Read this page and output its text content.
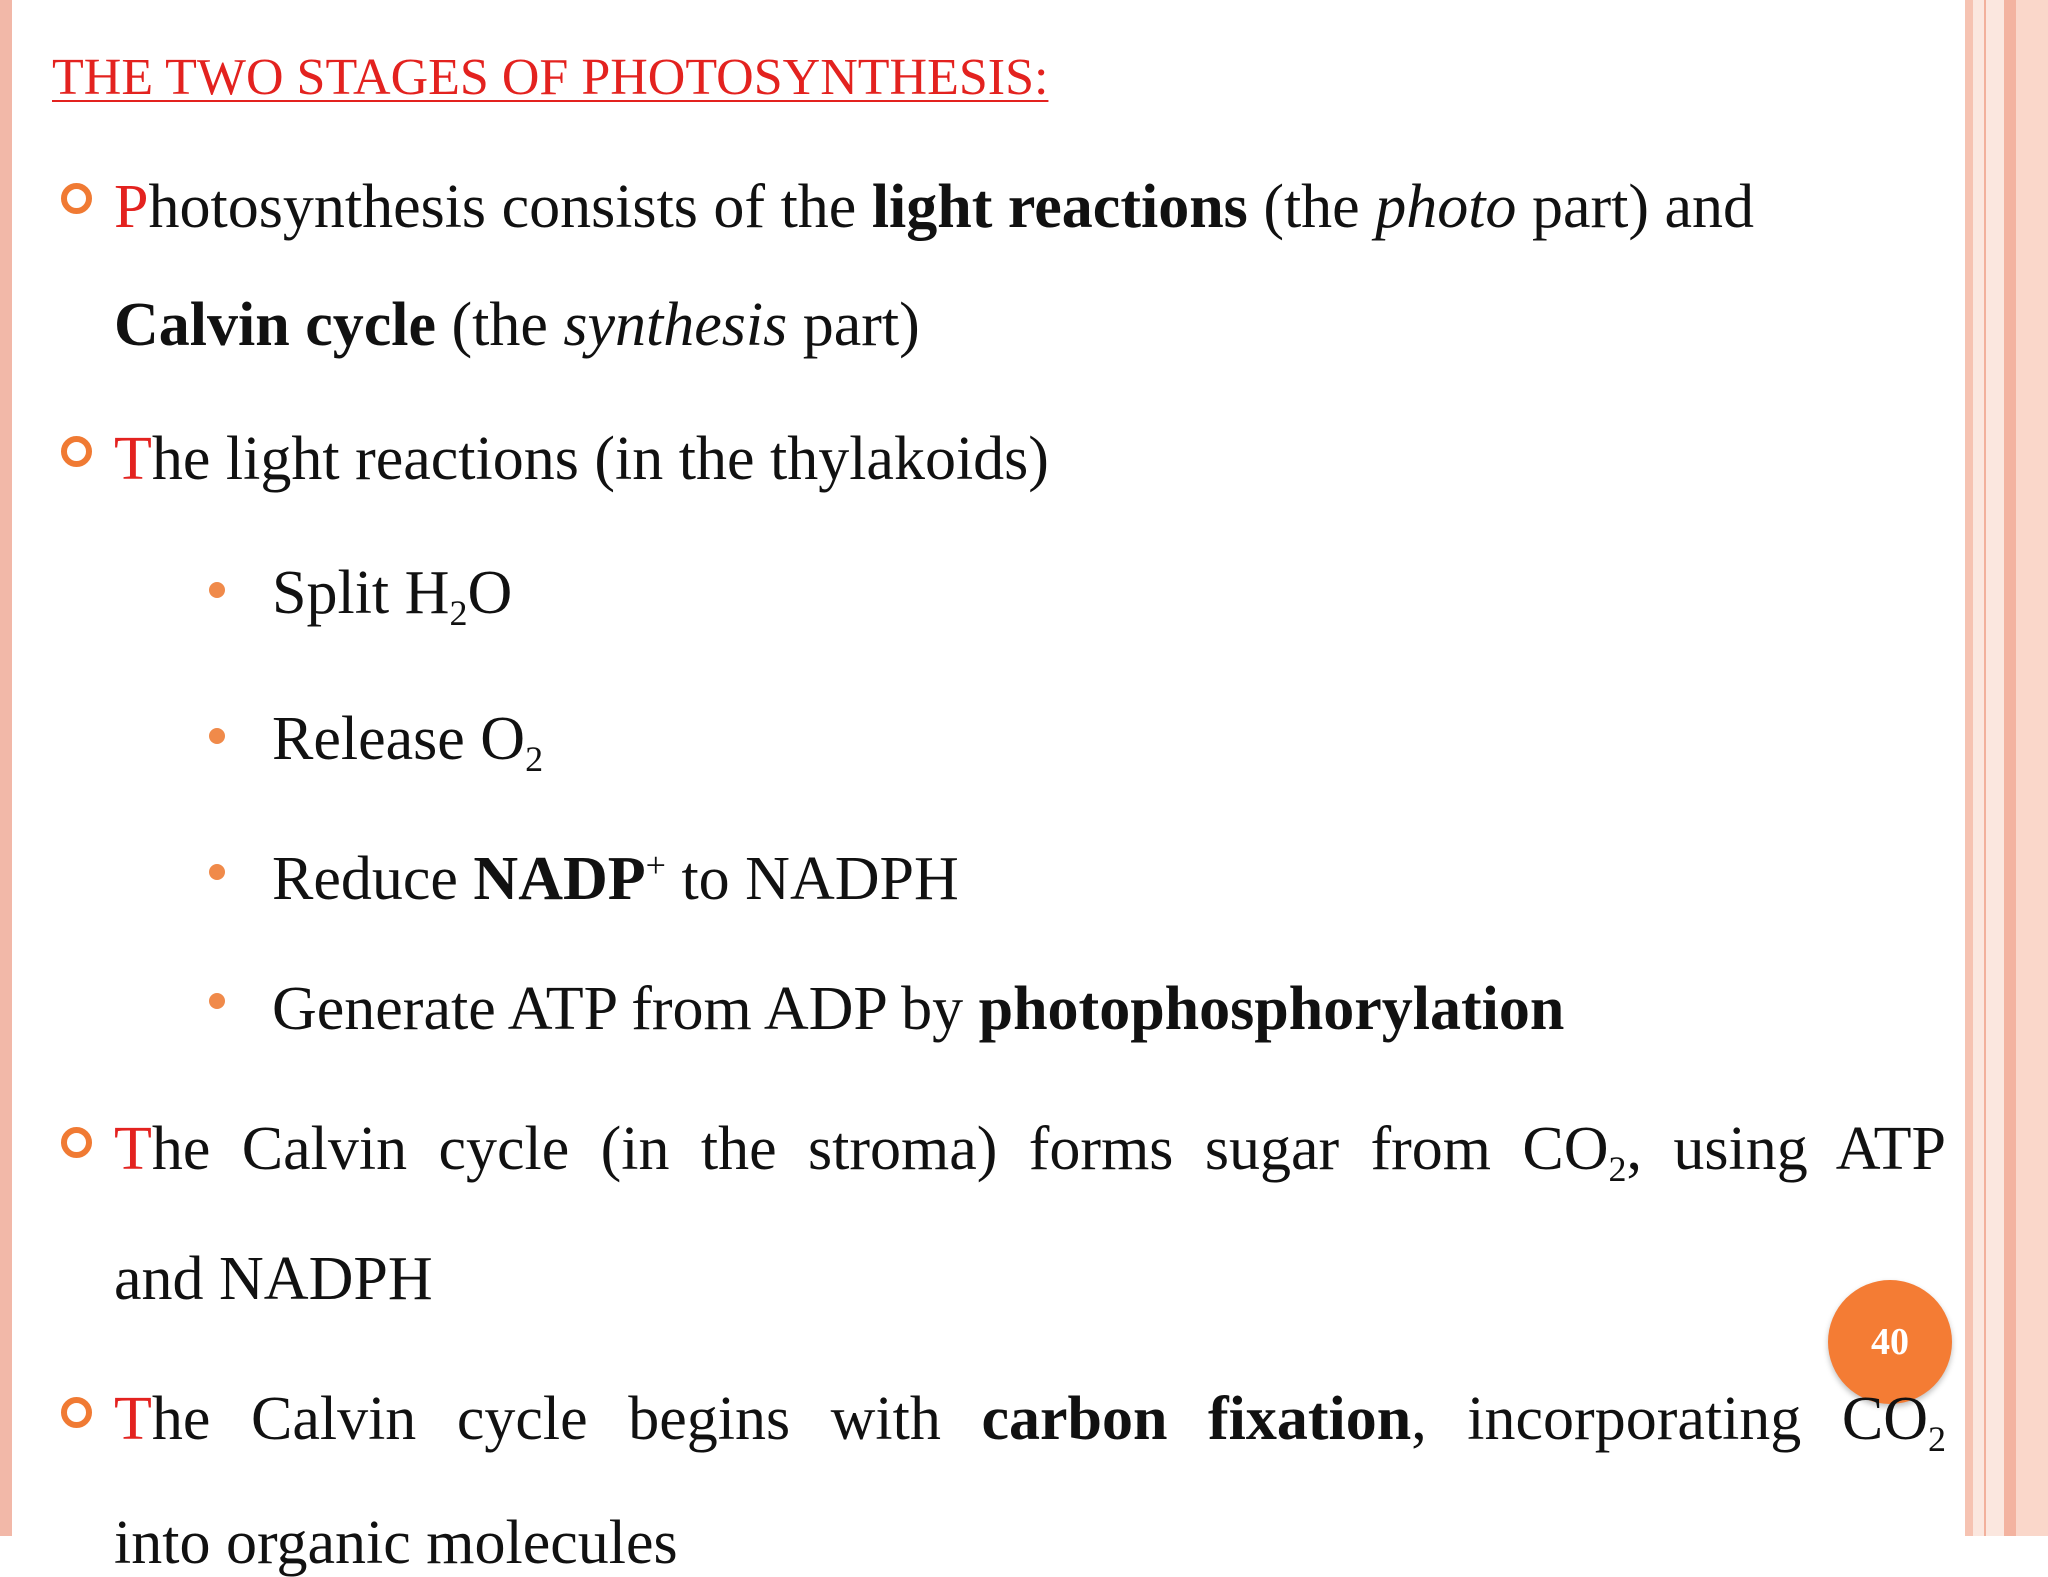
THE TWO STAGES OF PHOTOSYNTHESIS:
Photosynthesis consists of the light reactions (the photo part) and
Calvin cycle (the synthesis part)
The light reactions (in the thylakoids)
Split $H_2O$
Release $O_2$
Reduce NADP+ to NADPH
Generate ATP from ADP by photophosphorylation
The Calvin cycle (in the stroma) forms sugar from $CO_2$, using ATP
and NADPH
40
The Calvin cycle begins with carbon fixation, incorporating $CO_2$
into organic molecules
